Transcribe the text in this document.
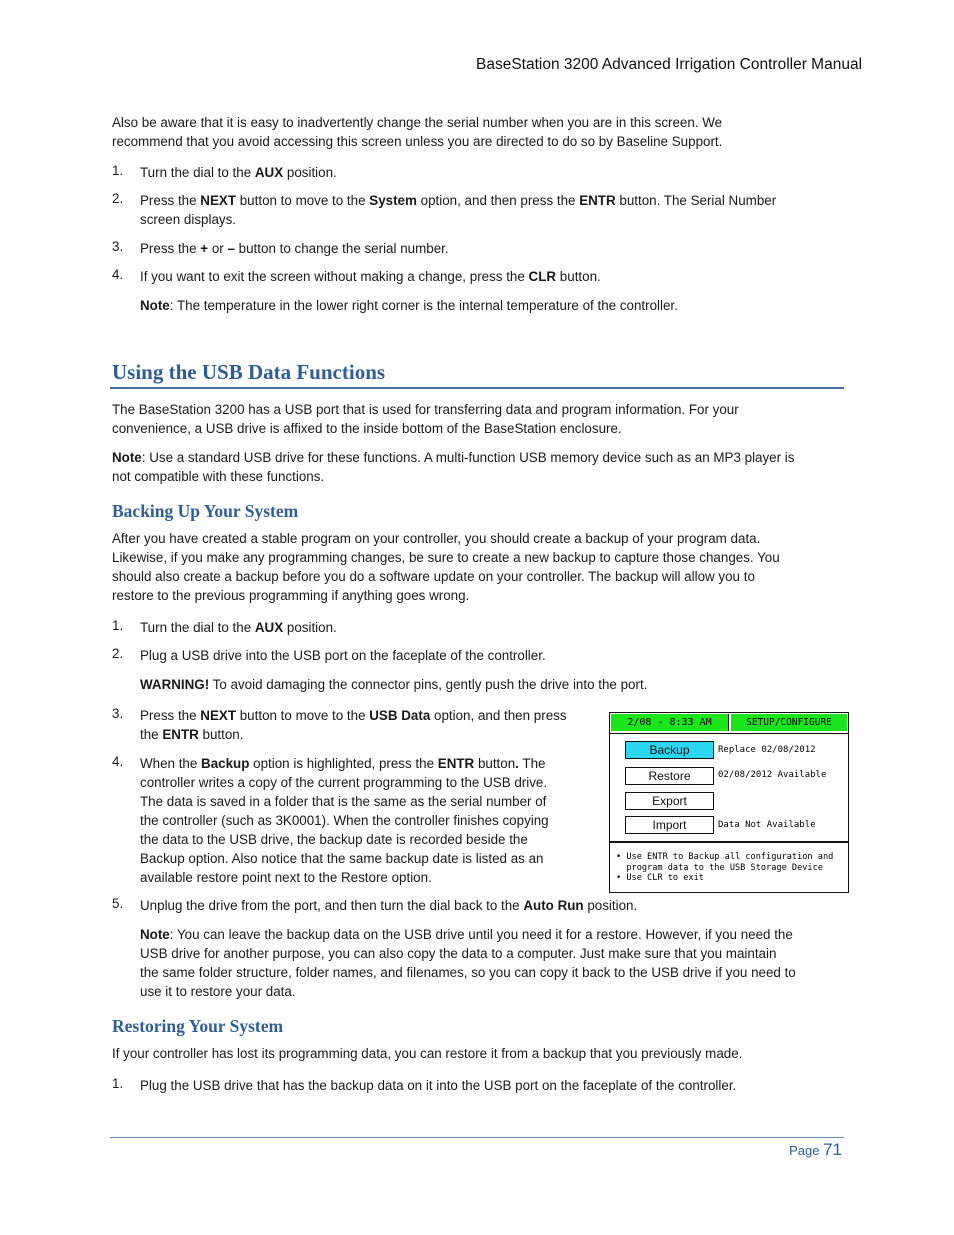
BaseStation 3200 Advanced Irrigation Controller Manual

Also be aware that it is easy to inadvertently change the serial number when you are in this screen. We
recommend that you avoid accessing this screen unless you are directed to do so by Baseline Support.

1. Turn the dial to the AUX position.
2. Press the NEXT button to move to the System option, and then press the ENTR button. The Serial Number
screen displays.
3. Press the + or – button to change the serial number.
4. If you want to exit the screen without making a change, press the CLR button.
Note: The temperature in the lower right corner is the internal temperature of the controller.
Using the USB Data Functions

The BaseStation 3200 has a USB port that is used for transferring data and program information. For your
convenience, a USB drive is affixed to the inside bottom of the BaseStation enclosure.

Note: Use a standard USB drive for these functions. A multi-function USB memory device such as an MP3 player is
not compatible with these functions.

Backing Up Your System

After you have created a stable program on your controller, you should create a backup of your program data.
Likewise, if you make any programming changes, be sure to create a new backup to capture those changes. You
should also create a backup before you do a software update on your controller. The backup will allow you to
restore to the previous programming if anything goes wrong.

1. Turn the dial to the AUX position.
2. Plug a USB drive into the USB port on the faceplate of the controller.
WARNING! To avoid damaging the connector pins, gently push the drive into the port.
3. Press the NEXT button to move to the USB Data option, and then press
the ENTR button.
4. When the Backup option is highlighted, press the ENTR button. The
controller writes a copy of the current programming to the USB drive.
The data is saved in a folder that is the same as the serial number of
the controller (such as 3K0001). When the controller finishes copying
the data to the USB drive, the backup date is recorded beside the
Backup option. Also notice that the same backup date is listed as an
available restore point next to the Restore option.
2/08 - 8:33 AM	SETUP/CONFIGURE
Backup	Replace 02/08/2012
Restore	02/08/2012 Available
Export
Import	Data Not Available
• Use ENTR to Backup all configuration and
program data to the USB Storage Device
• Use CLR to exit
5. Unplug the drive from the port, and then turn the dial back to the Auto Run position.
Note: You can leave the backup data on the USB drive until you need it for a restore. However, if you need the
USB drive for another purpose, you can also copy the data to a computer. Just make sure that you maintain
the same folder structure, folder names, and filenames, so you can copy it back to the USB drive if you need to
use it to restore your data.
Restoring Your System

If your controller has lost its programming data, you can restore it from a backup that you previously made.

1. Plug the USB drive that has the backup data on it into the USB port on the faceplate of the controller.
Page 71
